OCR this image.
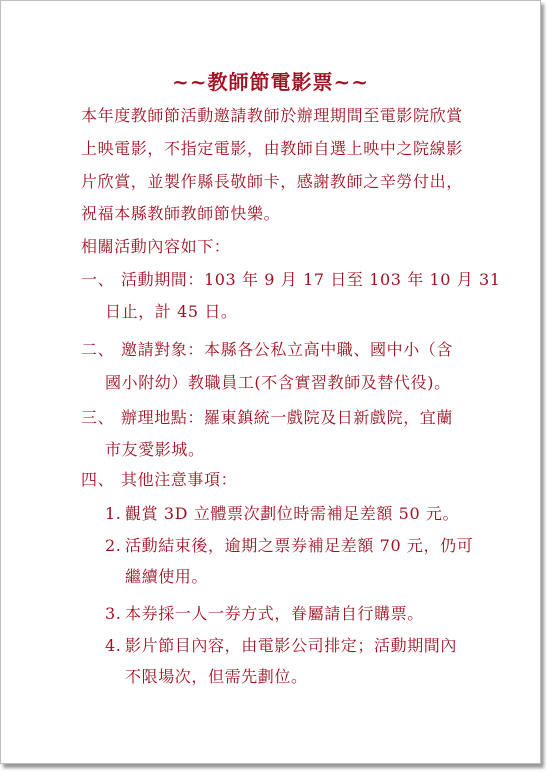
~~教師節電影票~~
本年度教師節活動邀請教師於辦理期間至電影院欣賞
上映電影，不指定電影，由教師自選上映中之院線影
片欣賞，並製作縣長敬師卡，感謝教師之辛勞付出，
祝福本縣教師教師節快樂。
相關活動內容如下：
一、 活動期間：103 年 9 月 17 日至 103 年 10 月 31
日止，計 45 日。
二、 邀請對象：本縣各公私立高中職、國中小（含
國小附幼）教職員工(不含實習教師及替代役)。
三、 辦理地點：羅東鎮統一戲院及日新戲院，宜蘭
市友愛影城。
四、 其他注意事項：
1. 觀賞 3D 立體票次劃位時需補足差額 50 元。
2. 活動結束後，逾期之票券補足差額 70 元，仍可
繼續使用。
3. 本券採一人一券方式，眷屬請自行購票。
4. 影片節目內容，由電影公司排定；活動期間內
不限場次，但需先劃位。
